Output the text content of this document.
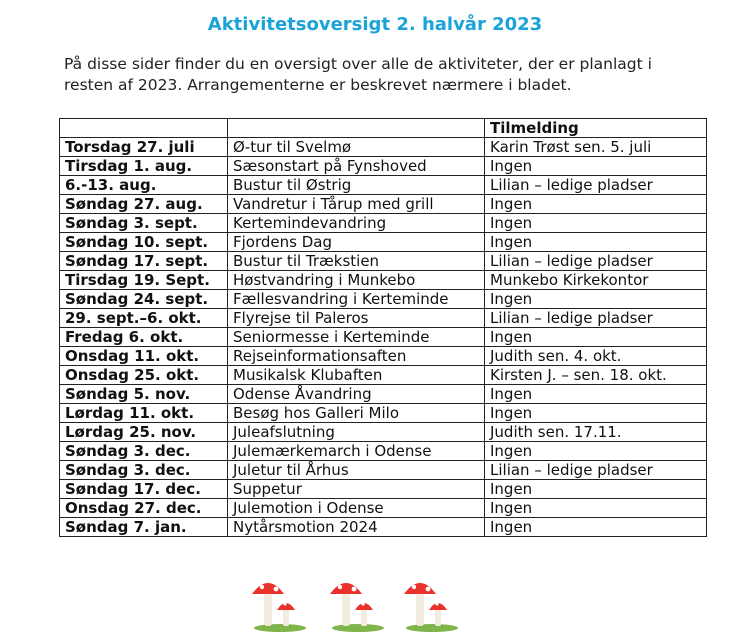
Aktivitetsoversigt 2. halvår 2023
På disse sider finder du en oversigt over alle de aktiviteter, der er planlagt i resten af 2023. Arrangementerne er beskrevet nærmere i bladet.
		Tilmelding
Torsdag 27. juli	Ø-tur til Svelmø	Karin Trøst sen. 5. juli
Tirsdag 1. aug.	Sæsonstart på Fynshoved	Ingen
6.-13. aug.	Bustur til Østrig	Lilian – ledige pladser
Søndag 27. aug.	Vandretur i Tårup med grill	Ingen
Søndag 3. sept.	Kertemindevandring	Ingen
Søndag 10. sept.	Fjordens Dag	Ingen
Søndag 17. sept.	Bustur til Trækstien	Lilian – ledige pladser
Tirsdag 19. Sept.	Høstvandring i Munkebo	Munkebo Kirkekontor
Søndag 24. sept.	Fællesvandring i Kerteminde	Ingen
29. sept.–6. okt.	Flyrejse til Paleros	Lilian – ledige pladser
Fredag 6. okt.	Seniormesse i Kerteminde	Ingen
Onsdag 11. okt.	Rejseinformationsaften	Judith sen. 4. okt.
Onsdag 25. okt.	Musikalsk Klubaften	Kirsten J. – sen. 18. okt.
Søndag 5. nov.	Odense Åvandring	Ingen
Lørdag 11. okt.	Besøg hos Galleri Milo	Ingen
Lørdag 25. nov.	Juleafslutning	Judith sen. 17.11.
Søndag 3. dec.	Julemærkemarch i Odense	Ingen
Søndag 3. dec.	Juletur til Århus	Lilian – ledige pladser
Søndag 17. dec.	Suppetur	Ingen
Onsdag 27. dec.	Julemotion i Odense	Ingen
Søndag 7. jan.	Nytårsmotion 2024	Ingen
